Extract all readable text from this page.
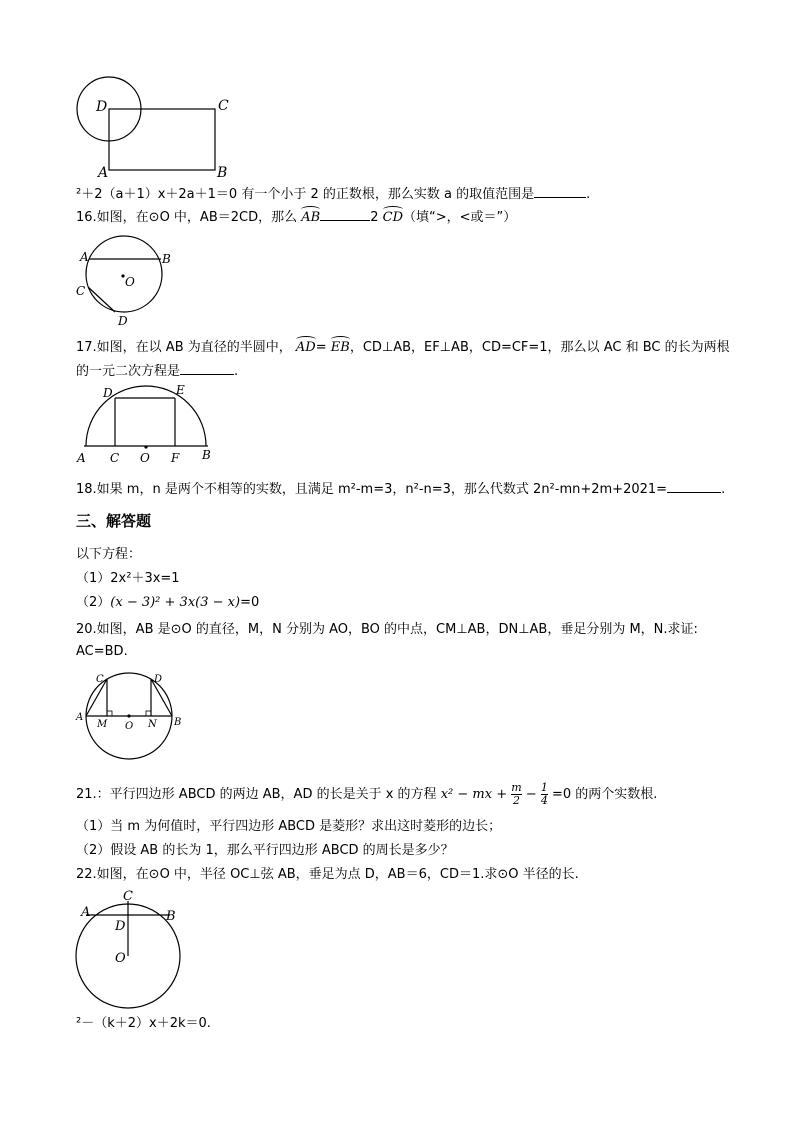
D	C
A	B
²＋2（a＋1）x＋2a＋1＝0 有一个小于 2 的正数根，那么实数 a 的取值范围是	.
16.如图，在⊙O 中，AB＝2CD，那么 AB	2 CD（填“>，<或＝”）
A	B
C
D
O
17.如图，在以 AB 为直径的半圆中， AD= EB，CD⊥AB，EF⊥AB，CD=CF=1，那么以 AC 和 BC 的长为两根
的一元二次方程是	.
A C O F B
D	E
18.如果 m，n 是两个不相等的实数，且满足 m²-m=3，n²-n=3，那么代数式 2n²-mn+2m+2021=	.
三、解答题
以下方程：
（1）2x²＋3x=1
（2）(x − 3)² + 3x(3 − x)=0
20.如图，AB 是⊙O 的直径，M，N 分别为 AO，BO 的中点，CM⊥AB，DN⊥AB，垂足分别为 M，N.求证:
AC=BD.
C	D
A
M O N B
21.：平行四边形 ABCD 的两边 AB，AD 的长是关于 x 的方程 x² − mx + $\frac{m}{2} - \frac{1}{4} =0$ 的两个实数根.
（1）当 m 为何值时，平行四边形 ABCD 是菱形？求出这时菱形的边长；
（2）假设 AB 的长为 1，那么平行四边形 ABCD 的周长是多少？
22.如图，在⊙O 中，半径 OC⊥弦 AB，垂足为点 D，AB＝6，CD＝1.求⊙O 半径的长.
C
A
D
B
O
²－（k＋2）x＋2k＝0.
